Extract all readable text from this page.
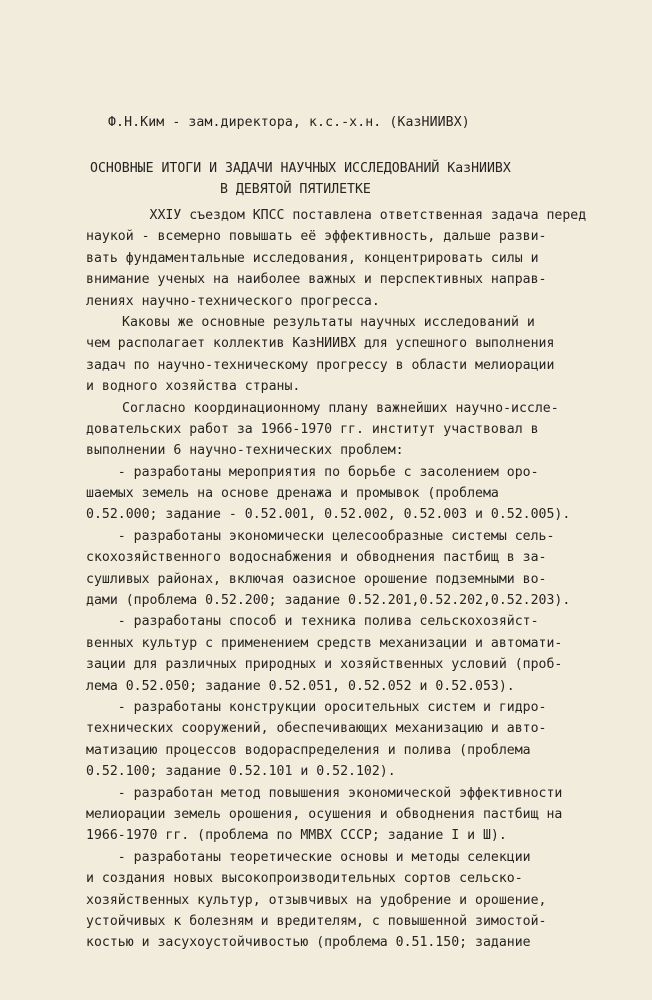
Ф.Н.Ким - зам.директора, к.с.-х.н. (КазНИИВХ)
ОСНОВНЫЕ ИТОГИ И ЗАДАЧИ НАУЧНЫХ ИССЛЕДОВАНИЙ КазНИИВХ
В ДЕВЯТОЙ ПЯТИЛЕТКЕ
XXIУ съездом КПСС поставлена ответственная задача перед
наукой - всемерно повышать её эффективность, дальше разви-
вать фундаментальные исследования, концентрировать силы и
внимание ученых на наиболее важных и перспективных направ-
лениях научно-технического прогресса.
Каковы же основные результаты научных исследований и
чем располагает коллектив КазНИИВХ для успешного выполнения
задач по научно-техническому прогрессу в области мелиорации
и водного хозяйства страны.
Согласно координационному плану важнейших научно-иссле-
довательских работ за 1966-1970 гг. институт участвовал в
выполнении 6 научно-технических проблем:
- разработаны мероприятия по борьбе с засолением оро-
шаемых земель на основе дренажа и промывок (проблема
0.52.000; задание - 0.52.001, 0.52.002, 0.52.003 и 0.52.005).
- разработаны экономически целесообразные системы сель-
скохозяйственного водоснабжения и обводнения пастбищ в за-
сушливых районах, включая оазисное орошение подземными во-
дами (проблема 0.52.200; задание 0.52.201,0.52.202,0.52.203).
- разработаны способ и техника полива сельскохозяйст-
венных культур с применением средств механизации и автомати-
зации для различных природных и хозяйственных условий (проб-
лема 0.52.050; задание 0.52.051, 0.52.052 и 0.52.053).
- разработаны конструкции оросительных систем и гидро-
технических сооружений, обеспечивающих механизацию и авто-
матизацию процессов водораспределения и полива (проблема
0.52.100; задание 0.52.101 и 0.52.102).
- разработан метод повышения экономической эффективности
мелиорации земель орошения, осушения и обводнения пастбищ на
1966-1970 гг. (проблема по ММВХ СССР; задание I и Ш).
- разработаны теоретические основы и методы селекции
и создания новых высокопроизводительных сортов сельско-
хозяйственных культур, отзывчивых на удобрение и орошение,
устойчивых к болезням и вредителям, с повышенной зимостой-
костью и засухоустойчивостью (проблема 0.51.150; задание
